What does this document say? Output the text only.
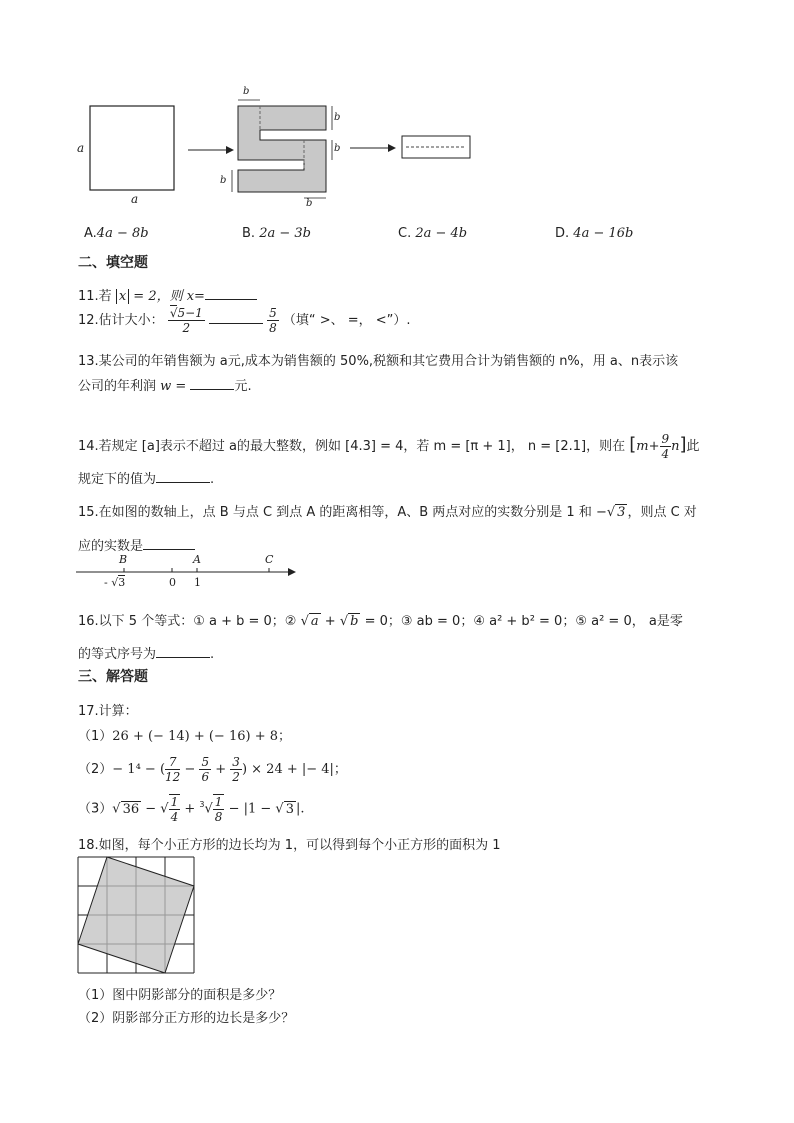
a
a
b
b
b
b
b
A.4a − 8b	B. 2a − 3b	C. 2a − 4b	D. 4a − 16b
二、填空题
11.若 x = 2，则 x=
12.估计大小： $\frac{√5-1}{2}$
	$\frac{5}{8}$ （填“ >、 =， <”）.
13.某公司的年销售额为 a元,成本为销售额的 50%,税额和其它费用合计为销售额的 n%，用 a、n表示该
公司的年利润 w =	元.
14.若规定 [a]表示不超过 a的最大整数，例如 [4.3] = 4，若 m = [π + 1]， n = [2.1]，则在 $[m+ \frac{9}{4} n]$此
规定下的值为	.
15.在如图的数轴上，点 B 与点 C 到点 A 的距离相等，A、B 两点对应的实数分别是 1 和 −√ 3 ，则点 C 对
应的实数是
B	A	C
- √3	0 1
16.以下 5 个等式：① a + b = 0；② √ a + √ b = 0；③ ab = 0；④ a² + b² = 0；⑤ a² = 0， a是零
的等式序号为	.
三、解答题
17.计算：
（1）26 + (− 14) + (− 16) + 8；
（2）− 1⁴ − ( $\frac{7}{12} - \frac{5}{6} + \frac{3}{2}$ ) × 24 + |− 4|；
（3）√ 36 − √ $\frac{1}{4} + ^3√ \frac{1}{8} - |1$ − √ 3 |.
18.如图，每个小正方形的边长均为 1，可以得到每个小正方形的面积为 1
（1）图中阴影部分的面积是多少？
（2）阴影部分正方形的边长是多少？
